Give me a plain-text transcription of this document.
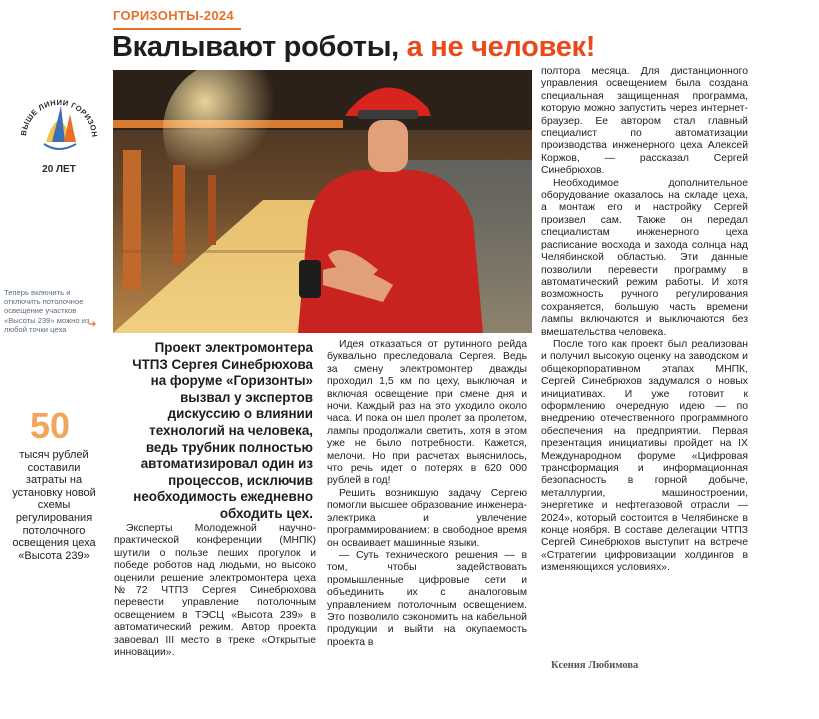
ГОРИЗОНТЫ-2024
Вкалывают роботы, а не человек!
ВЫШЕ ЛИНИИ ГОРИЗОН
20 ЛЕТ
Теперь включить и отключить потолочное освещение участков «Высоты 239» можно из любой точки цеха	➔
50
тысяч рублей составили затраты на установку новой схемы регулирования потолочного освещения цеха «Высота 239»
Проект электромонтера ЧТПЗ Сергея Синебрюхова на форуме «Горизонты» вызвал у экспертов дискуссию о влиянии технологий на человека, ведь трубник полностью автоматизировал один из процессов, исключив необходимость ежедневно обходить цех.

Эксперты Молодежной научно-практической конференции (МНПК) шутили о пользе пеших прогулок и победе роботов над людьми, но высоко оценили решение электромонтера цеха №72 ЧТПЗ Сергея Синебрюхова перевести управление потолочным освещением в ТЭСЦ «Высота 239» в автоматический режим. Автор проекта завоевал III место в треке «Открытые инновации».

Идея отказаться от рутинного рейда буквально преследовала Сергея. Ведь за смену электромонтер дважды проходил 1,5 км по цеху, выключая и включая освещение при смене дня и ночи. Каждый раз на это уходило около часа. И пока он шел пролет за пролетом, лампы продолжали светить, хотя в этом уже не было потребности. Кажется, мелочи. Но при расчетах выяснилось, что речь идет о потерях в 620 000 рублей в год!

Решить возникшую задачу Сергею помогли высшее образование инженера-электрика и увлечение программированием: в свободное время он осваивает машинные языки.

— Суть технического решения — в том, чтобы задействовать промышленные цифровые сети и объединить их с аналоговым управлением потолочным освещением. Это позволило сэкономить на кабельной продукции и выйти на окупаемость проекта в

полтора месяца. Для дистанционного управления освещением была создана специальная защищенная программа, которую можно запустить через интернет-браузер. Ее автором стал главный специалист по автоматизации производства инженерного цеха Алексей Коржов, — рассказал Сергей Синебрюхов.

Необходимое дополнительное оборудование оказалось на складе цеха, а монтаж его и настройку Сергей произвел сам. Также он передал специалистам инженерного цеха расписание восхода и захода солнца над Челябинской областью. Эти данные позволили перевести программу в автоматический режим работы. И хотя возможность ручного регулирования сохраняется, большую часть времени лампы включаются и выключаются без вмешательства человека.

После того как проект был реализован и получил высокую оценку на заводском и общекорпоративном этапах МНПК, Сергей Синебрюхов задумался о новых инициативах. И уже готовит к оформлению очередную идею — по внедрению отечественного программного обеспечения на предприятии. Первая презентация инициативы пройдет на IX Международном форуме «Цифровая трансформация и информационная безопасность в горной добыче, металлургии, машиностроении, энергетике и нефтегазовой отрасли — 2024», который состоится в Челябинске в конце ноября. В составе делегации ЧТПЗ Сергей Синебрюхов выступит на встрече «Стратегии цифровизации холдингов в изменяющихся условиях».

Ксения Любимова
